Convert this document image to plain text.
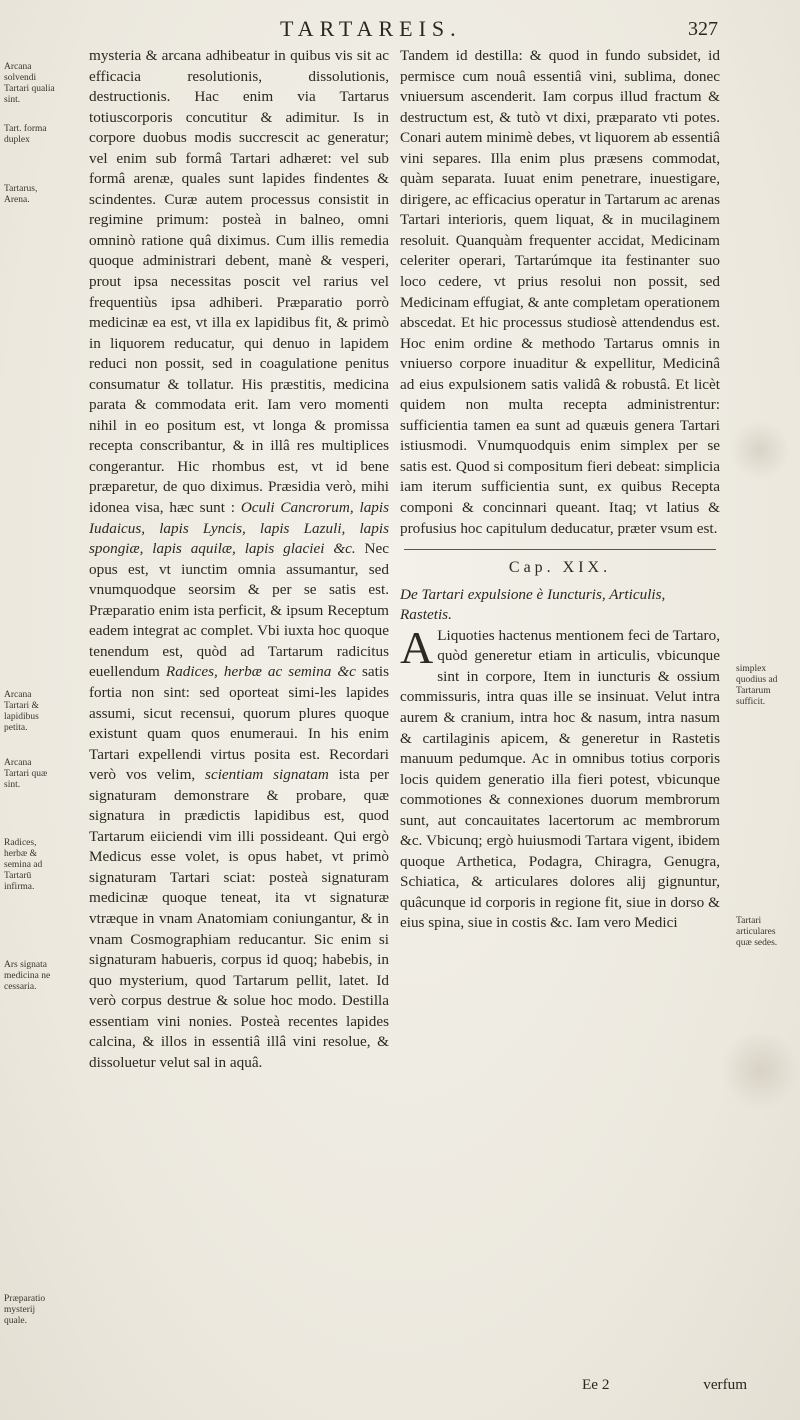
TARTAREIS.	327
Arcana solvendi Tartari qualia sint.
Tart. forma duplex
Tartarus, Arena.
Arcana Tartari & lapidibus petita.
Arcana Tartari quæ sint.
Radices, herbæ & semina ad Tartarū infirma.
Ars signata medicina ne cessaria.
Præparatio mysterij quale.
simplex quodius ad Tartarum sufficit.
Tartari articulares quæ sedes.

mysteria & arcana adhibeatur in quibus vis sit ac efficacia resolutionis, dissolutionis, destructionis. Hac enim via Tartarus totiuscorporis concutitur & adimitur. Is in corpore duobus modis succrescit ac generatur; vel enim sub formâ Tartari adhæret: vel sub formâ arenæ, quales sunt lapides findentes & scindentes. Curæ autem processus consistit in regimine primum: posteà in balneo, omni omninò ratione quâ diximus. Cum illis remedia quoque administrari debent, manè & vesperi, prout ipsa necessitas poscit vel rarius vel frequentiùs ipsa adhiberi. Præparatio porrò medicinæ ea est, vt illa ex lapidibus fit, & primò in liquorem reducatur, qui denuo in lapidem reduci non possit, sed in coagulatione penitus consumatur & tollatur. His præstitis, medicina parata & commodata erit. Iam vero momenti nihil in eo positum est, vt longa & promissa recepta conscribantur, & in illâ res multiplices congerantur. Hic rhombus est, vt id bene præparetur, de quo diximus. Præsidia verò, mihi idonea visa, hæc sunt : Oculi Cancrorum, lapis Iudaicus, lapis Lyncis, lapis Lazuli, lapis spongiæ, lapis aquilæ, lapis glaciei &c. Nec opus est, vt iunctim omnia assumantur, sed vnumquodque seorsim & per se satis est. Præparatio enim ista perficit, & ipsum Receptum eadem integrat ac complet. Vbi iuxta hoc quoque tenendum est, quòd ad Tartarum radicitus euellendum Radices, herbæ ac semina &c satis fortia non sint: sed oporteat simi-les lapides assumi, sicut recensui, quorum plures quoque existunt quam quos enumeraui. In his enim Tartari expellendi virtus posita est. Recordari verò vos velim, scientiam signatam ista per signaturam demonstrare & probare, quæ signatura in prædictis lapidibus est, quod Tartarum eiiciendi vim illi possideant. Qui ergò Medicus esse volet, is opus habet, vt primò signaturam Tartari sciat: posteà signaturam medicinæ quoque teneat, ita vt signaturæ vtræque in vnam Anatomiam coniungantur, & in vnam Cosmographiam reducantur. Sic enim si signaturam habueris, corpus id quoq; habebis, in quo mysterium, quod Tartarum pellit, latet. Id verò corpus destrue & solue hoc modo. Destilla essentiam vini nonies. Posteà recentes lapides calcina, & illos in essentiâ illâ vini resolue, & dissoluetur velut sal in aquâ.

Tandem id destilla: & quod in fundo subsidet, id permisce cum nouâ essentiâ vini, sublima, donec vniuersum ascenderit. Iam corpus illud fractum & destructum est, & tutò vt dixi, præparato vti potes. Conari autem minimè debes, vt liquorem ab essentiâ vini separes. Illa enim plus præsens commodat, quàm separata. Iuuat enim penetrare, inuestigare, dirigere, ac efficacius operatur in Tartarum ac arenas Tartari interioris, quem liquat, & in mucilaginem resoluit. Quanquàm frequenter accidat, Medicinam celeriter operari, Tartarúmque ita festinanter suo loco cedere, vt prius resolui non possit, sed Medicinam effugiat, & ante completam operationem abscedat. Et hic processus studiosè attendendus est. Hoc enim ordine & methodo Tartarus omnis in vniuerso corpore inuaditur & expellitur, Medicinâ ad eius expulsionem satis validâ & robustâ. Et licèt quidem non multa recepta administrentur: sufficientia tamen ea sunt ad quæuis genera Tartari istiusmodi. Vnumquodquis enim simplex per se satis est. Quod si compositum fieri debeat: simplicia iam iterum sufficientia sunt, ex quibus Recepta componi & concinnari queant. Itaq; vt latius & profusius hoc capitulum deducatur, præter vsum est.

Cap. XIX.

De Tartari expulsione è Iuncturis, Articulis, Rastetis.

A Liquoties hactenus mentionem feci de Tartaro, quòd generetur etiam in articulis, vbicunque sint in corpore, Item in iuncturis & ossium commissuris, intra quas ille se insinuat. Velut intra aurem & cranium, intra hoc & nasum, intra nasum & cartilaginis apicem, & generetur in Rastetis manuum pedumque. Ac in omnibus totius corporis locis quidem generatio illa fieri potest, vbicunque commotiones & connexiones duorum membrorum sunt, aut concauitates lacertorum ac membrorum &c. Vbicunq; ergò huiusmodi Tartara vigent, ibidem quoque Arthetica, Podagra, Chiragra, Genugra, Schiatica, & articulares dolores alij gignuntur, quâcunque id corporis in regione fit, siue in dorso & eius spina, siue in costis &c. Iam vero Medici

Ee 2	verfum
